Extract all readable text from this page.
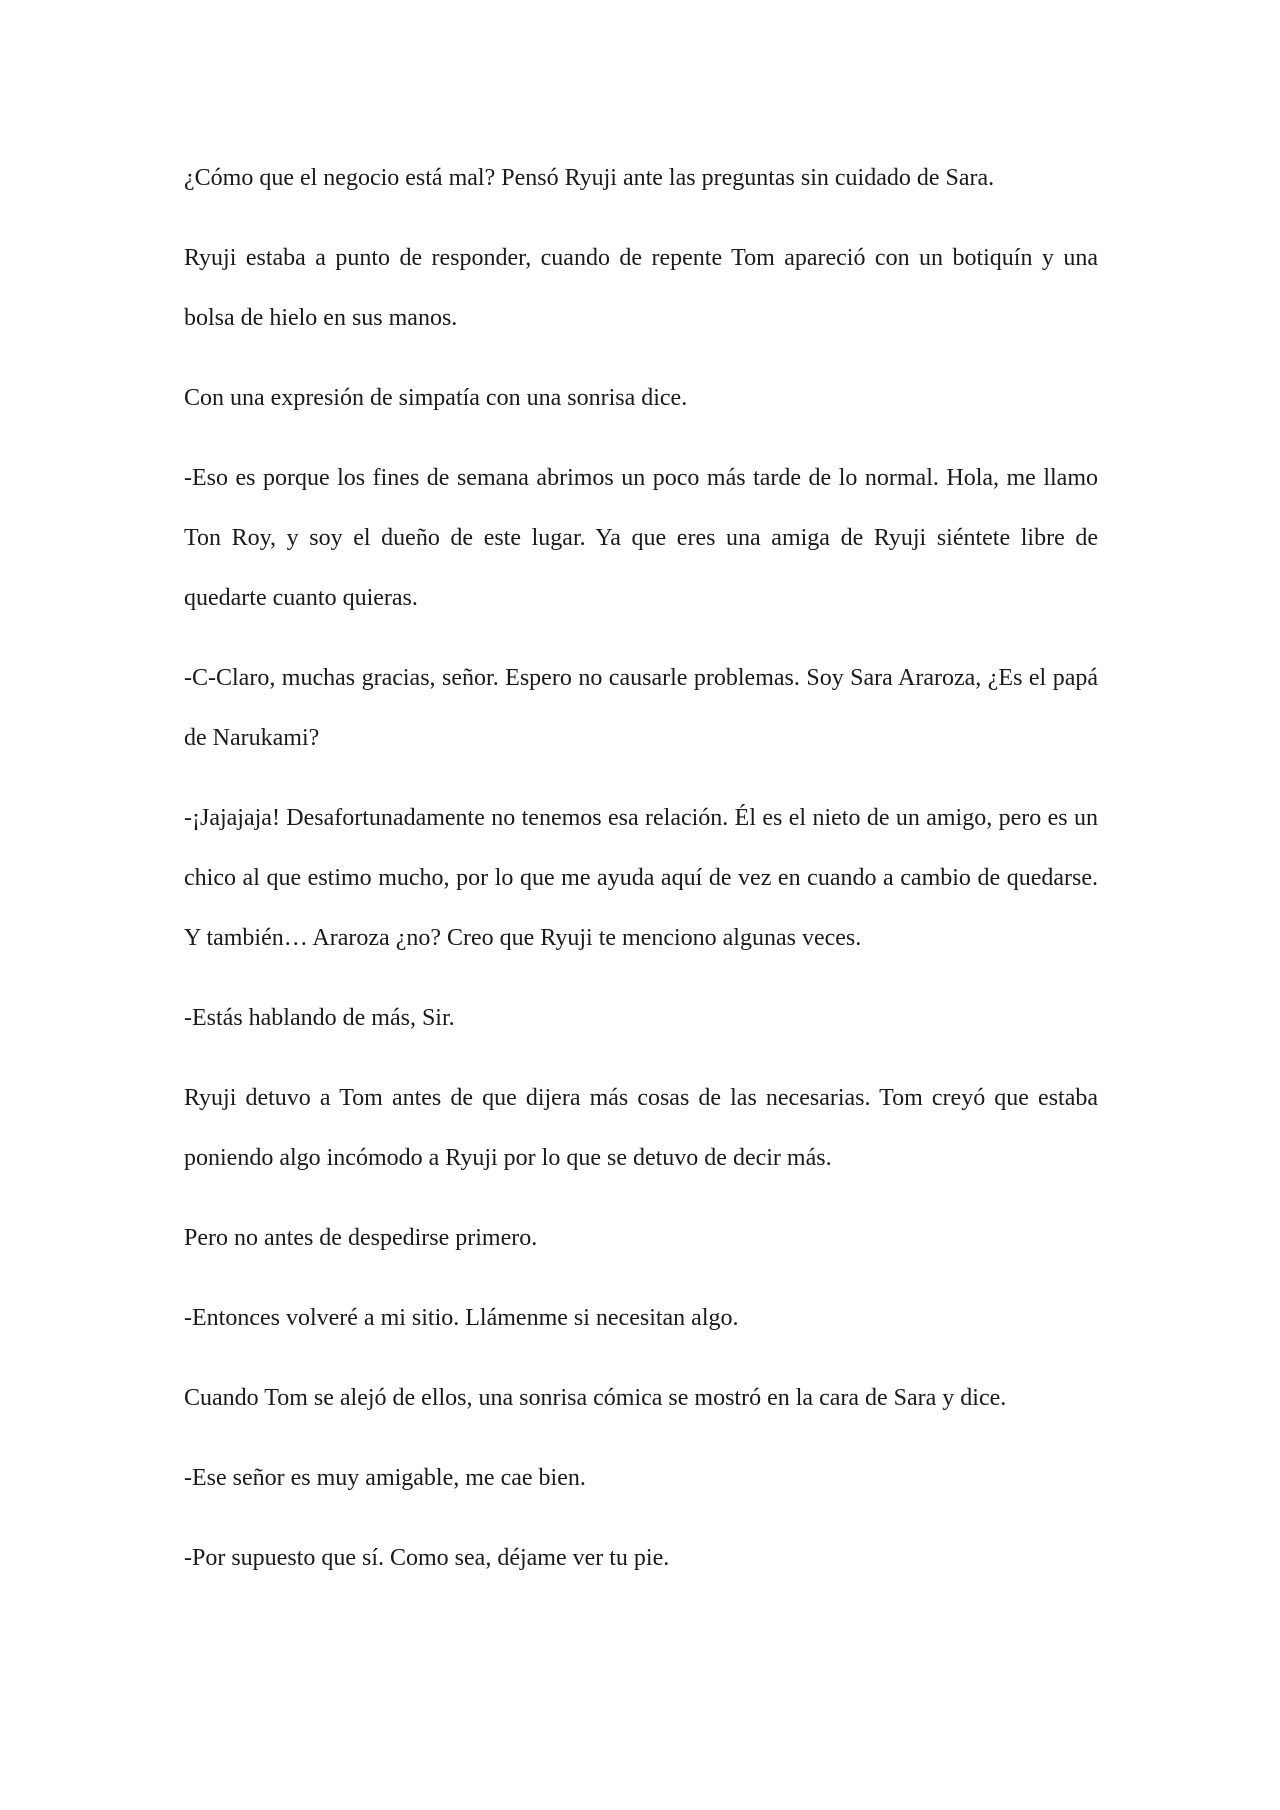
¿Cómo que el negocio está mal? Pensó Ryuji ante las preguntas sin cuidado de Sara.

Ryuji estaba a punto de responder, cuando de repente Tom apareció con un botiquín y una bolsa de hielo en sus manos.

Con una expresión de simpatía con una sonrisa dice.

-Eso es porque los fines de semana abrimos un poco más tarde de lo normal. Hola, me llamo Ton Roy, y soy el dueño de este lugar. Ya que eres una amiga de Ryuji siéntete libre de quedarte cuanto quieras.

-C-Claro, muchas gracias, señor. Espero no causarle problemas. Soy Sara Araroza, ¿Es el papá de Narukami?

-¡Jajajaja! Desafortunadamente no tenemos esa relación. Él es el nieto de un amigo, pero es un chico al que estimo mucho, por lo que me ayuda aquí de vez en cuando a cambio de quedarse. Y también… Araroza ¿no? Creo que Ryuji te menciono algunas veces.

-Estás hablando de más, Sir.

Ryuji detuvo a Tom antes de que dijera más cosas de las necesarias. Tom creyó que estaba poniendo algo incómodo a Ryuji por lo que se detuvo de decir más.

Pero no antes de despedirse primero.

-Entonces volveré a mi sitio. Llámenme si necesitan algo.

Cuando Tom se alejó de ellos, una sonrisa cómica se mostró en la cara de Sara y dice.

-Ese señor es muy amigable, me cae bien.

-Por supuesto que sí. Como sea, déjame ver tu pie.
